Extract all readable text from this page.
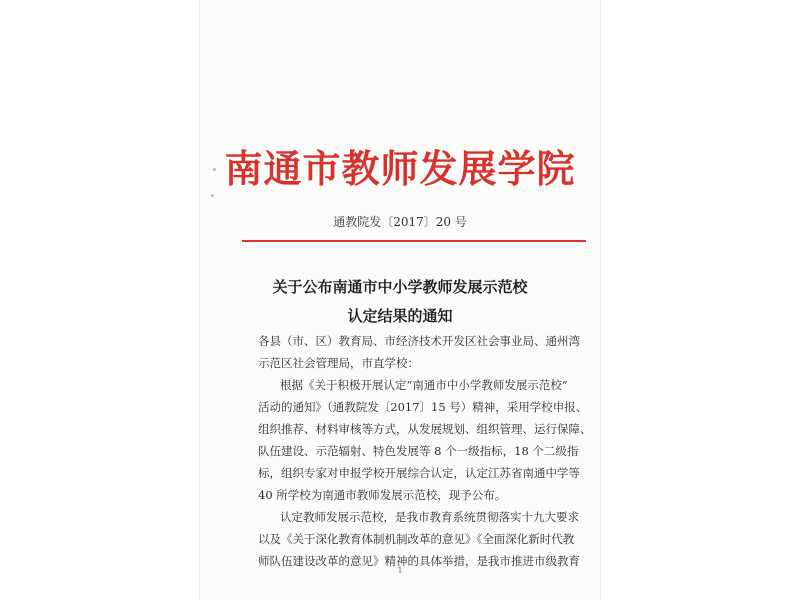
南通市教师发展学院
通教院发〔2017〕20 号
关于公布南通市中小学教师发展示范校
认定结果的通知
各县（市、区）教育局、市经济技术开发区社会事业局、通州湾
示范区社会管理局，市直学校：
根据《关于积极开展认定“南通市中小学教师发展示范校”
活动的通知》（通教院发〔2017〕15 号）精神，采用学校申报、
组织推荐、材料审核等方式，从发展规划、组织管理、运行保障、
队伍建设、示范辐射、特色发展等 8 个一级指标，18 个二级指
标，组织专家对申报学校开展综合认定，认定江苏省南通中学等
40 所学校为南通市教师发展示范校，现予公布。
认定教师发展示范校，是我市教育系统贯彻落实十九大要求
以及《关于深化教育体制机制改革的意见》《全面深化新时代教
师队伍建设改革的意见》精神的具体举措，是我市推进市级教育
1
